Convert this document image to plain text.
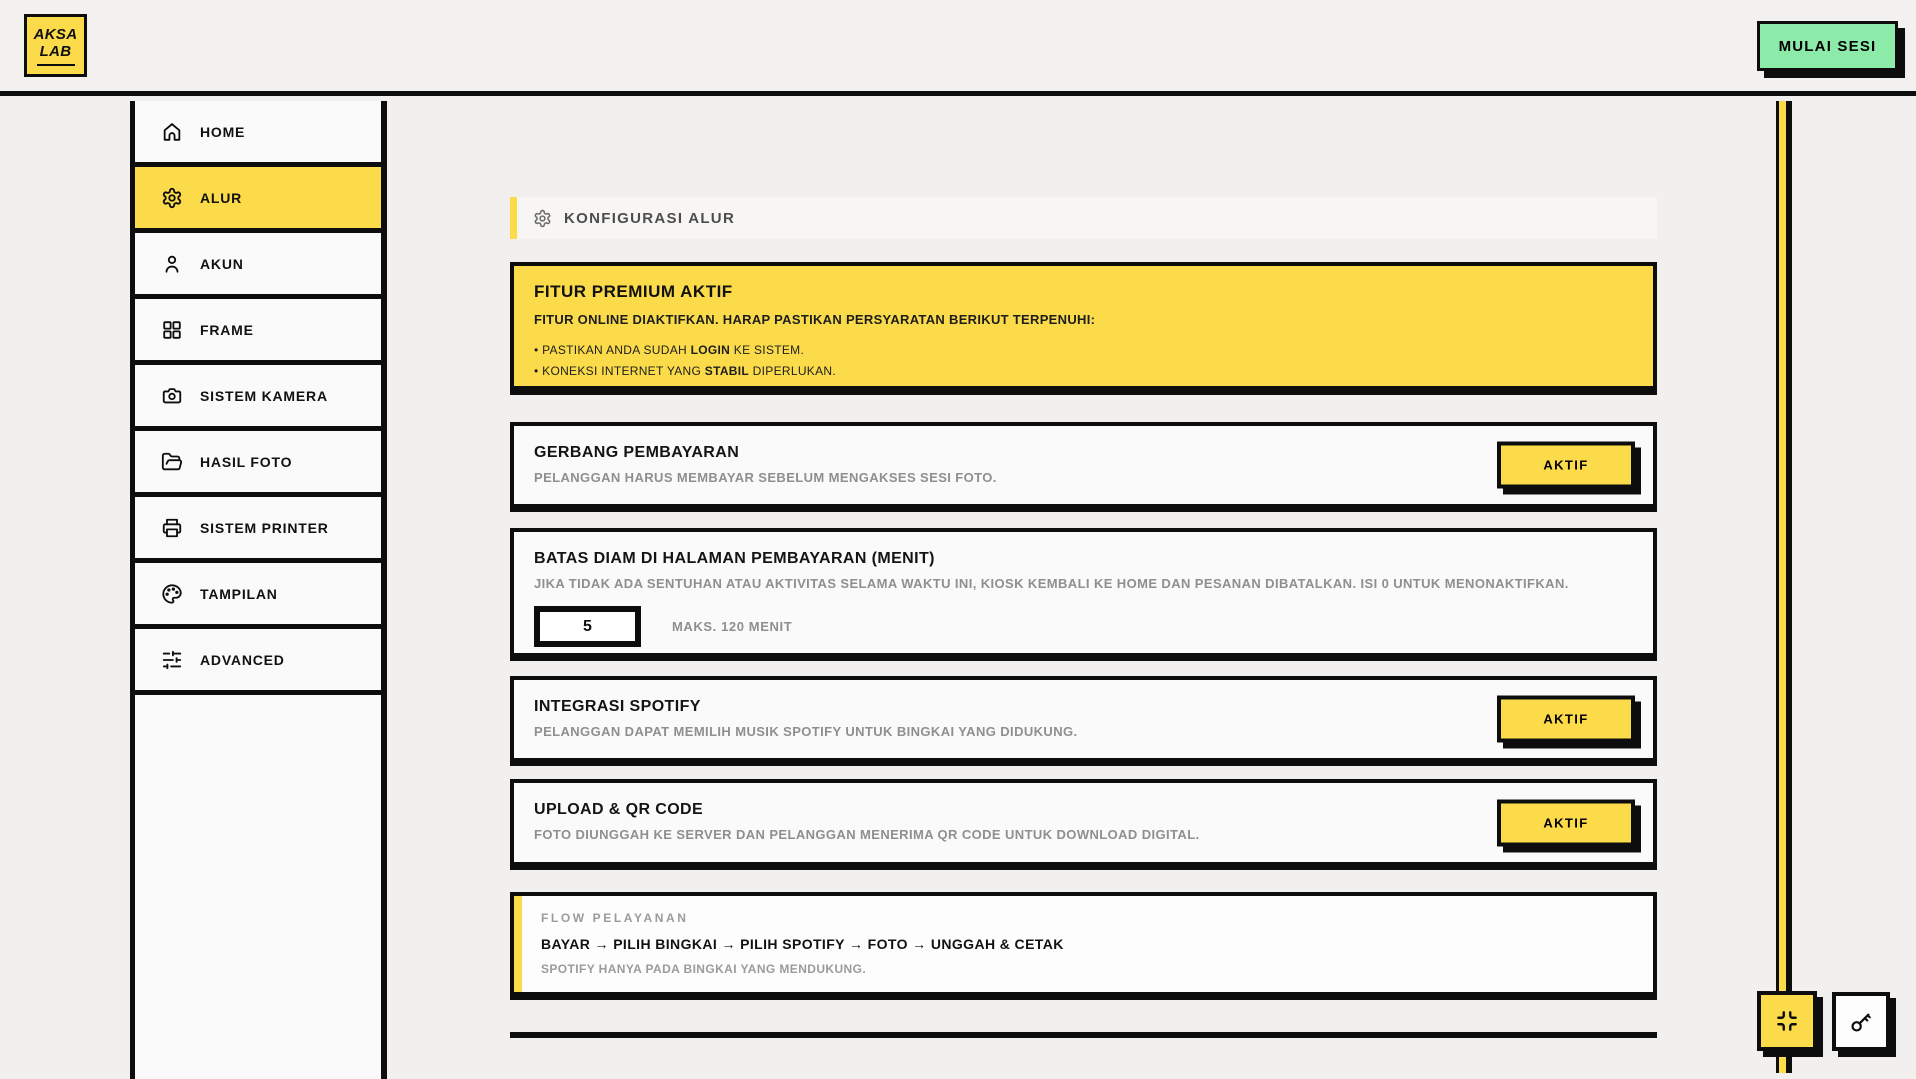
AKSA
LAB	MULAI SESI
HOME
ALUR
AKUN
FRAME
SISTEM KAMERA
HASIL FOTO
SISTEM PRINTER
TAMPILAN
ADVANCED
KONFIGURASI ALUR
FITUR PREMIUM AKTIF
FITUR ONLINE DIAKTIFKAN. HARAP PASTIKAN PERSYARATAN BERIKUT TERPENUHI:
• PASTIKAN ANDA SUDAH LOGIN KE SISTEM.
• KONEKSI INTERNET YANG STABIL DIPERLUKAN.
GERBANG PEMBAYARAN
PELANGGAN HARUS MEMBAYAR SEBELUM MENGAKSES SESI FOTO.
AKTIF
BATAS DIAM DI HALAMAN PEMBAYARAN (MENIT)
JIKA TIDAK ADA SENTUHAN ATAU AKTIVITAS SELAMA WAKTU INI, KIOSK KEMBALI KE HOME DAN PESANAN DIBATALKAN. ISI 0 UNTUK MENONAKTIFKAN.
5
MAKS. 120 MENIT
INTEGRASI SPOTIFY
PELANGGAN DAPAT MEMILIH MUSIK SPOTIFY UNTUK BINGKAI YANG DIDUKUNG.
AKTIF
UPLOAD & QR CODE
FOTO DIUNGGAH KE SERVER DAN PELANGGAN MENERIMA QR CODE UNTUK DOWNLOAD DIGITAL.
AKTIF
FLOW PELAYANAN
BAYAR → PILIH BINGKAI → PILIH SPOTIFY → FOTO → UNGGAH & CETAK
SPOTIFY HANYA PADA BINGKAI YANG MENDUKUNG.
